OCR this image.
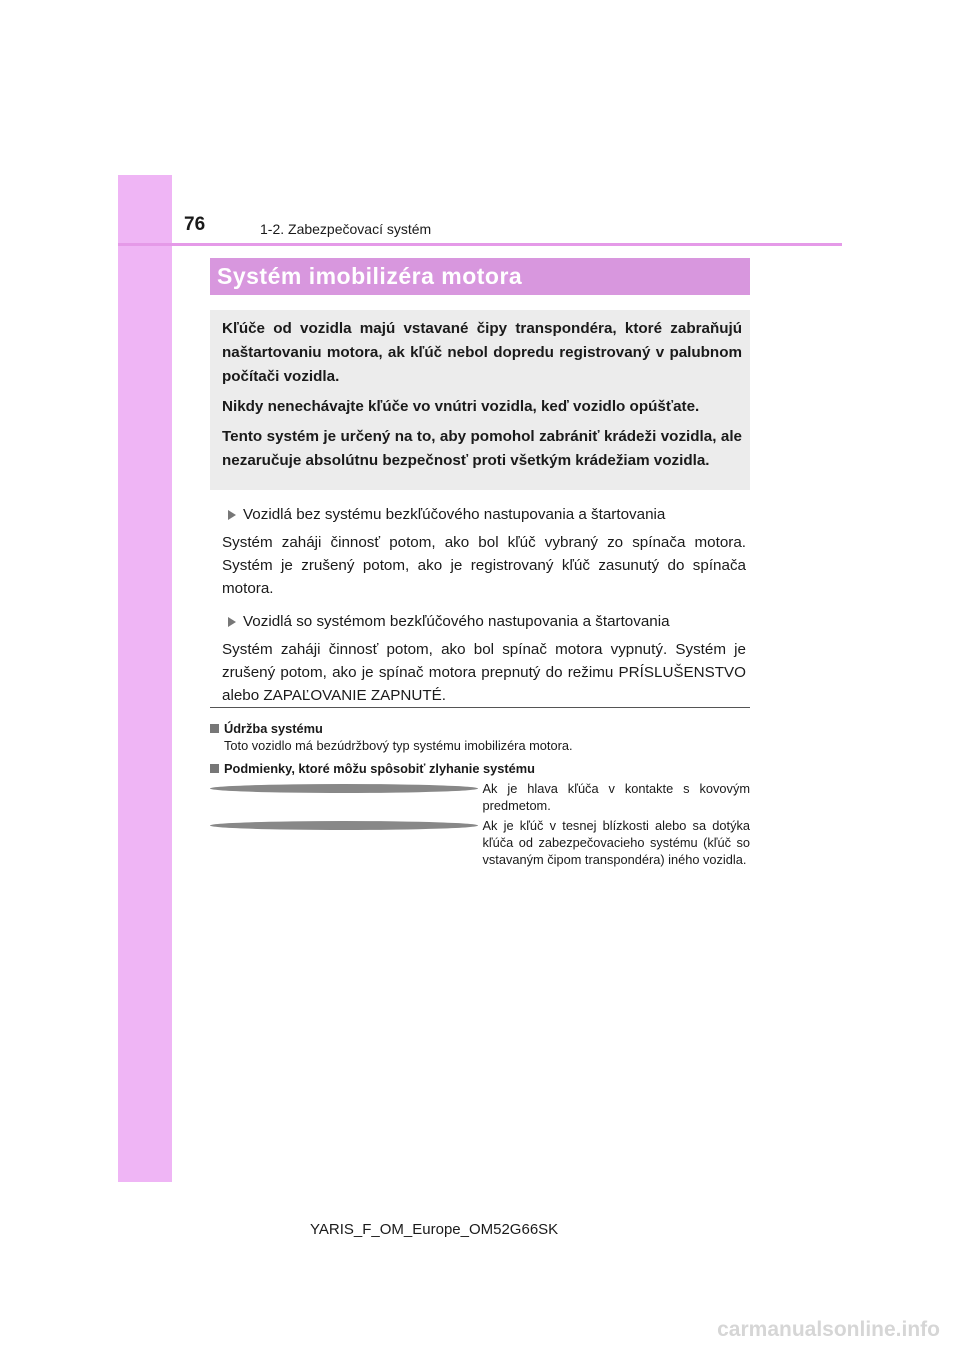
76	1-2. Zabezpečovací systém
Systém imobilizéra motora

Kľúče od vozidla majú vstavané čipy transpondéra, ktoré zabraňujú naštartovaniu motora, ak kľúč nebol dopredu registrovaný v palubnom počítači vozidla.

Nikdy nenechávajte kľúče vo vnútri vozidla, keď vozidlo opúšťate.

Tento systém je určený na to, aby pomohol zabrániť krádeži vozidla, ale nezaručuje absolútnu bezpečnosť proti všetkým krádežiam vozidla.

Vozidlá bez systému bezkľúčového nastupovania a štartovania

Systém zaháji činnosť potom, ako bol kľúč vybraný zo spínača motora. Systém je zrušený potom, ako je registrovaný kľúč zasunutý do spínača motora.

Vozidlá so systémom bezkľúčového nastupovania a štartovania

Systém zaháji činnosť potom, ako bol spínač motora vypnutý. Systém je zrušený potom, ako je spínač motora prepnutý do režimu PRÍSLUŠENSTVO alebo ZAPAĽOVANIE ZAPNUTÉ.

Údržba systému
Toto vozidlo má bezúdržbový typ systému imobilizéra motora.
Podmienky, ktoré môžu spôsobiť zlyhanie systému
Ak je hlava kľúča v kontakte s kovovým predmetom.
Ak je kľúč v tesnej blízkosti alebo sa dotýka kľúča od zabezpečovacieho systému (kľúč so vstavaným čipom transpondéra) iného vozidla.
YARIS_F_OM_Europe_OM52G66SK
carmanualsonline.info
